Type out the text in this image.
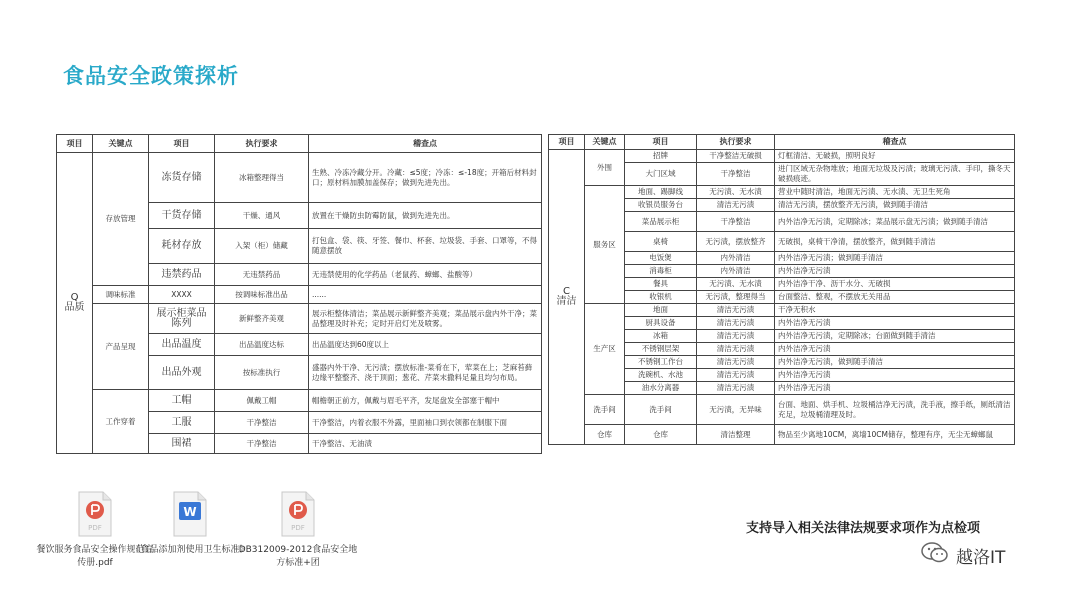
食品安全政策探析
项目	关键点	项目	执行要求	稽查点
Q
品质	存放管理	冻货存储	冰箱整理得当	生熟、冷冻冷藏分开。冷藏：≤5度；冷冻：≤-18度；开箱后材料封口；原材料加膜加盖保存；做到先进先出。
		干货存储	干燥、通风	放置在干燥防虫防霉防鼠，做到先进先出。
		耗材存放	入架（柜）储藏	打包盒、袋、筷、牙签、餐巾、杯套、垃圾袋、手套、口罩等，不得随意摆放
		违禁药品	无违禁药品	无违禁使用的化学药品（老鼠药、蟑螂、盐酸等）
	调味标准	XXXX	按调味标准出品	......
	产品呈现	展示柜菜品陈列	新鲜整齐美观	展示柜整体清洁；菜品展示新鲜整齐美观；菜品展示盘内外干净；菜品整理及时补充；定时开启灯光及喷雾。
		出品温度	出品温度达标	出品温度达到60度以上
		出品外观	按标准执行	盛器内外干净、无污渍；摆放标准-菜肴在下，荤菜在上；芝麻苔藓边缘平整整齐、浇于顶面；葱花、芹菜末撒料足量且均匀布局。
	工作穿着	工帽	佩戴工帽	帽檐朝正前方，佩戴与眉毛平齐，发尾盘发全部塞于帽中
		工服	干净整洁	干净整洁，内着衣服不外露，里面袖口到衣领都在制服下面
		围裙	干净整洁	干净整洁、无油渍
项目	关键点	项目	执行要求	稽查点
C
清洁	外围	招牌	干净整洁无破损	灯框清洁、无破损，照明良好
		大门区域	干净整洁	进门区域无杂物堆放；地面无垃圾及污渍；玻璃无污渍、手印，撕冬天破损痕迹。
	服务区	地面、踢脚线	无污渍、无水渍	营业中随时清洁，地面无污渍、无水渍、无卫生死角
		收银员服务台	清洁无污渍	清洁无污渍，摆放整齐无污渍，做到随手清洁
		菜品展示柜	干净整洁	内外洁净无污渍，定期除冰；菜品展示盘无污渍；做到随手清洁
		桌椅	无污渍，摆放整齐	无破损，桌椅干净清，摆放整齐，做到随手清洁
		电饭煲	内外清洁	内外洁净无污渍；做到随手清洁
		消毒柜	内外清洁	内外洁净无污渍
		餐具	无污渍、无水渍	内外洁净干净、沥干水分、无破损
		收银机	无污渍，整理得当	台面整洁、整观，不摆放无关用品
	生产区	地面	清洁无污渍	干净无积水
		厨具设备	清洁无污渍	内外洁净无污渍
		冰箱	清洁无污渍	内外洁净无污渍，定期除冰；台面做到随手清洁
		不锈钢层架	清洁无污渍	内外洁净无污渍
		不锈钢工作台	清洁无污渍	内外洁净无污渍，做到随手清洁
		洗碗机、水池	清洁无污渍	内外洁净无污渍
		油水分离器	清洁无污渍	内外洁净无污渍
	洗手间	洗手间	无污渍，无异味	台面、地面、烘手机、垃圾桶洁净无污渍，洗手液，擦手纸，厕纸清洁充足，垃圾桶清理及时。
	仓库	仓库	清洁整理	物品至少离地10CM，离墙10CM储存，整理有序，无尘无蟑螂鼠
PDF
餐饮服务食品安全操作规范宣传册.pdf
W
《食品添加剂使用卫生标准》
PDF
DB312009-2012食品安全地方标准+团
支持导入相关法律法规要求项作为点检项
越洛IT
